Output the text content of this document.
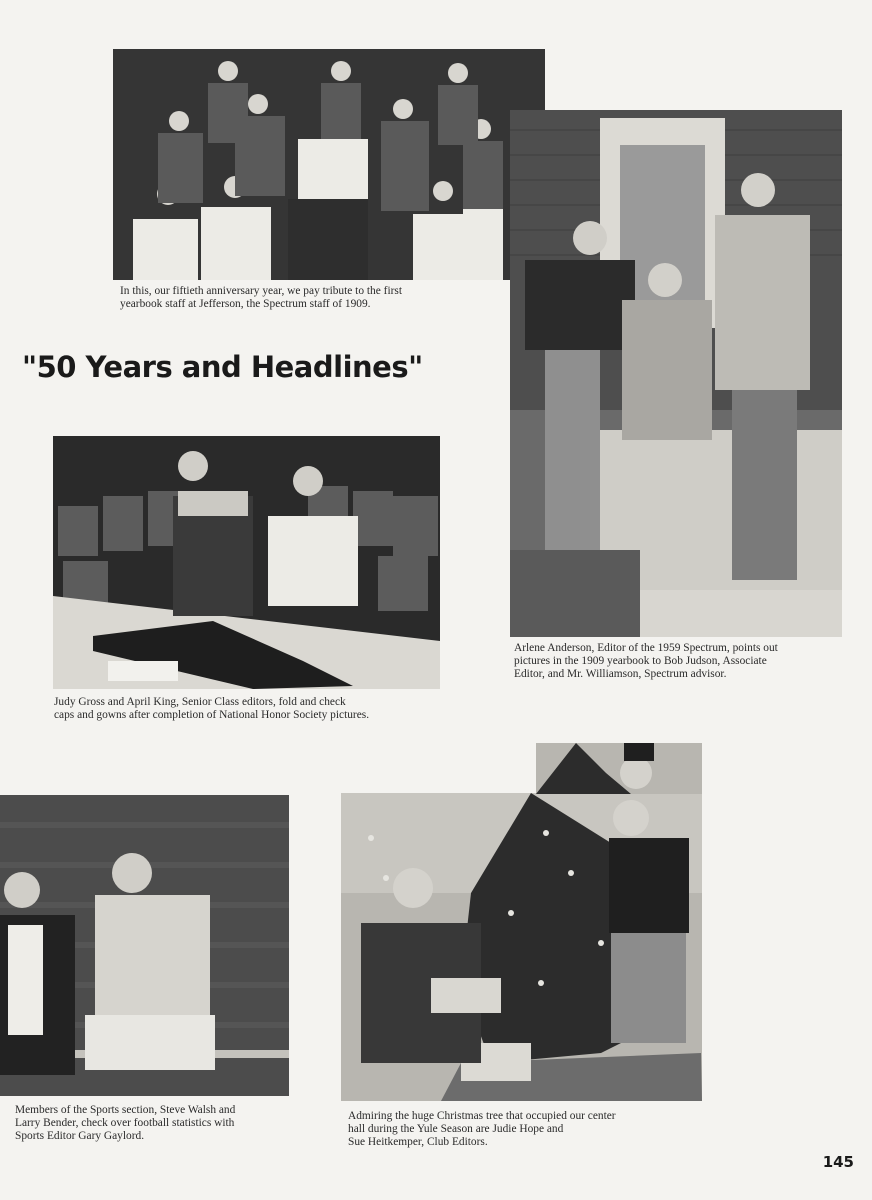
In this, our fiftieth anniversary year, we pay tribute to the first
yearbook staff at Jefferson, the Spectrum staff of 1909.
"50 Years and Headlines"
Arlene Anderson, Editor of the 1959 Spectrum, points out
pictures in the 1909 yearbook to Bob Judson, Associate
Editor, and Mr. Williamson, Spectrum advisor.
Judy Gross and April King, Senior Class editors, fold and check
caps and gowns after completion of National Honor Society pictures.
Members of the Sports section, Steve Walsh and
Larry Bender, check over football statistics with
Sports Editor Gary Gaylord.
Admiring the huge Christmas tree that occupied our center
hall during the Yule Season are Judie Hope and
Sue Heitkemper, Club Editors.
145
